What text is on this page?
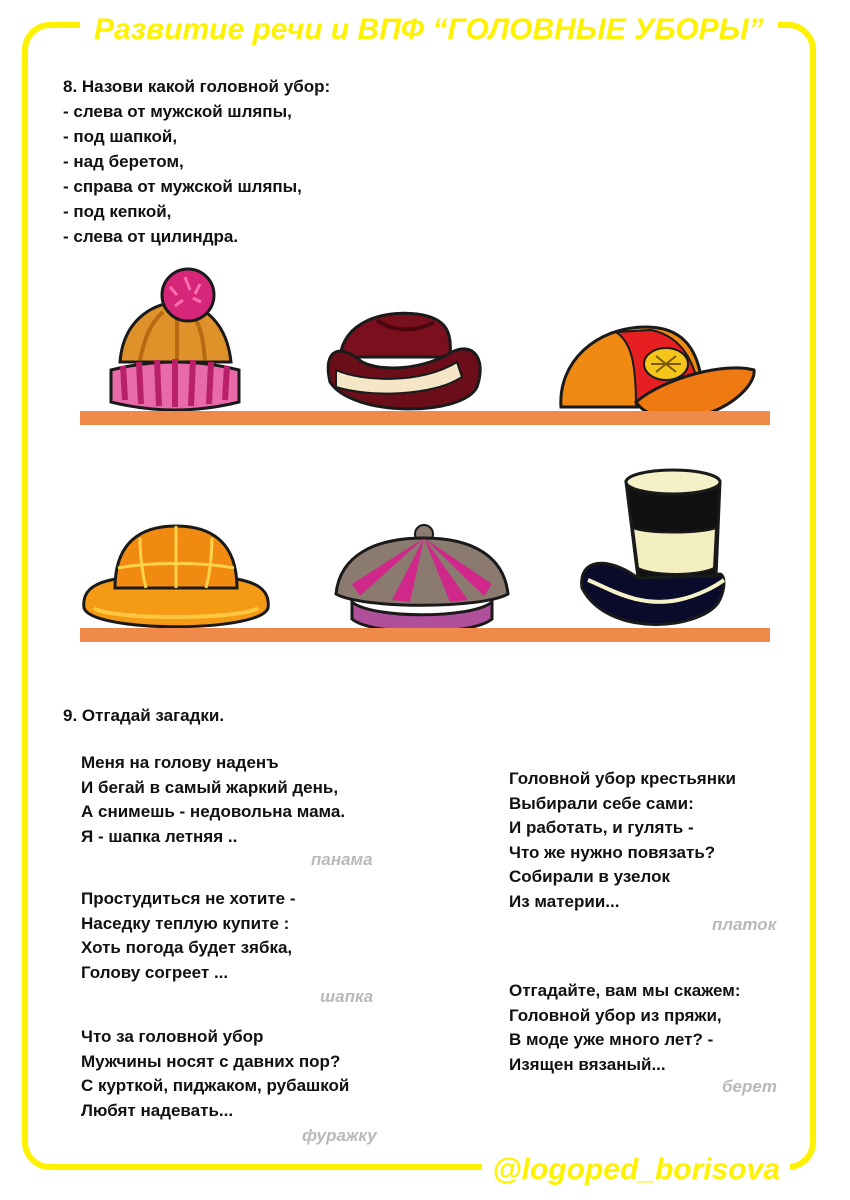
Развитие речи и ВПФ “ГОЛОВНЫЕ УБОРЫ”
8. Назови какой головной убор:
- слева от мужской шляпы,
- под шапкой,
- над беретом,
- справа от мужской шляпы,
- под кепкой,
- слева от цилиндра.
9. Отгадай загадки.
Меня на голову наденъ
И бегай в самый жаркий день,
А снимешь - недовольна мама.
Я - шапка летняя ..
панама
Простудиться не хотите -
Наседку теплую купите :
Хоть погода будет зябка,
Голову согреет ...
шапка
Что за головной убор
Мужчины носят с давних пор?
С курткой, пиджаком, рубашкой
Любят надевать...
фуражку
Головной убор крестьянки
Выбирали себе сами:
И работать, и гулять -
Что же нужно повязать?
Собирали в узелок
Из материи...
платок
Отгадайте, вам мы скажем:
Головной убор из пряжи,
В моде уже много лет? -
Изящен вязаный...
берет
@logoped_borisova
